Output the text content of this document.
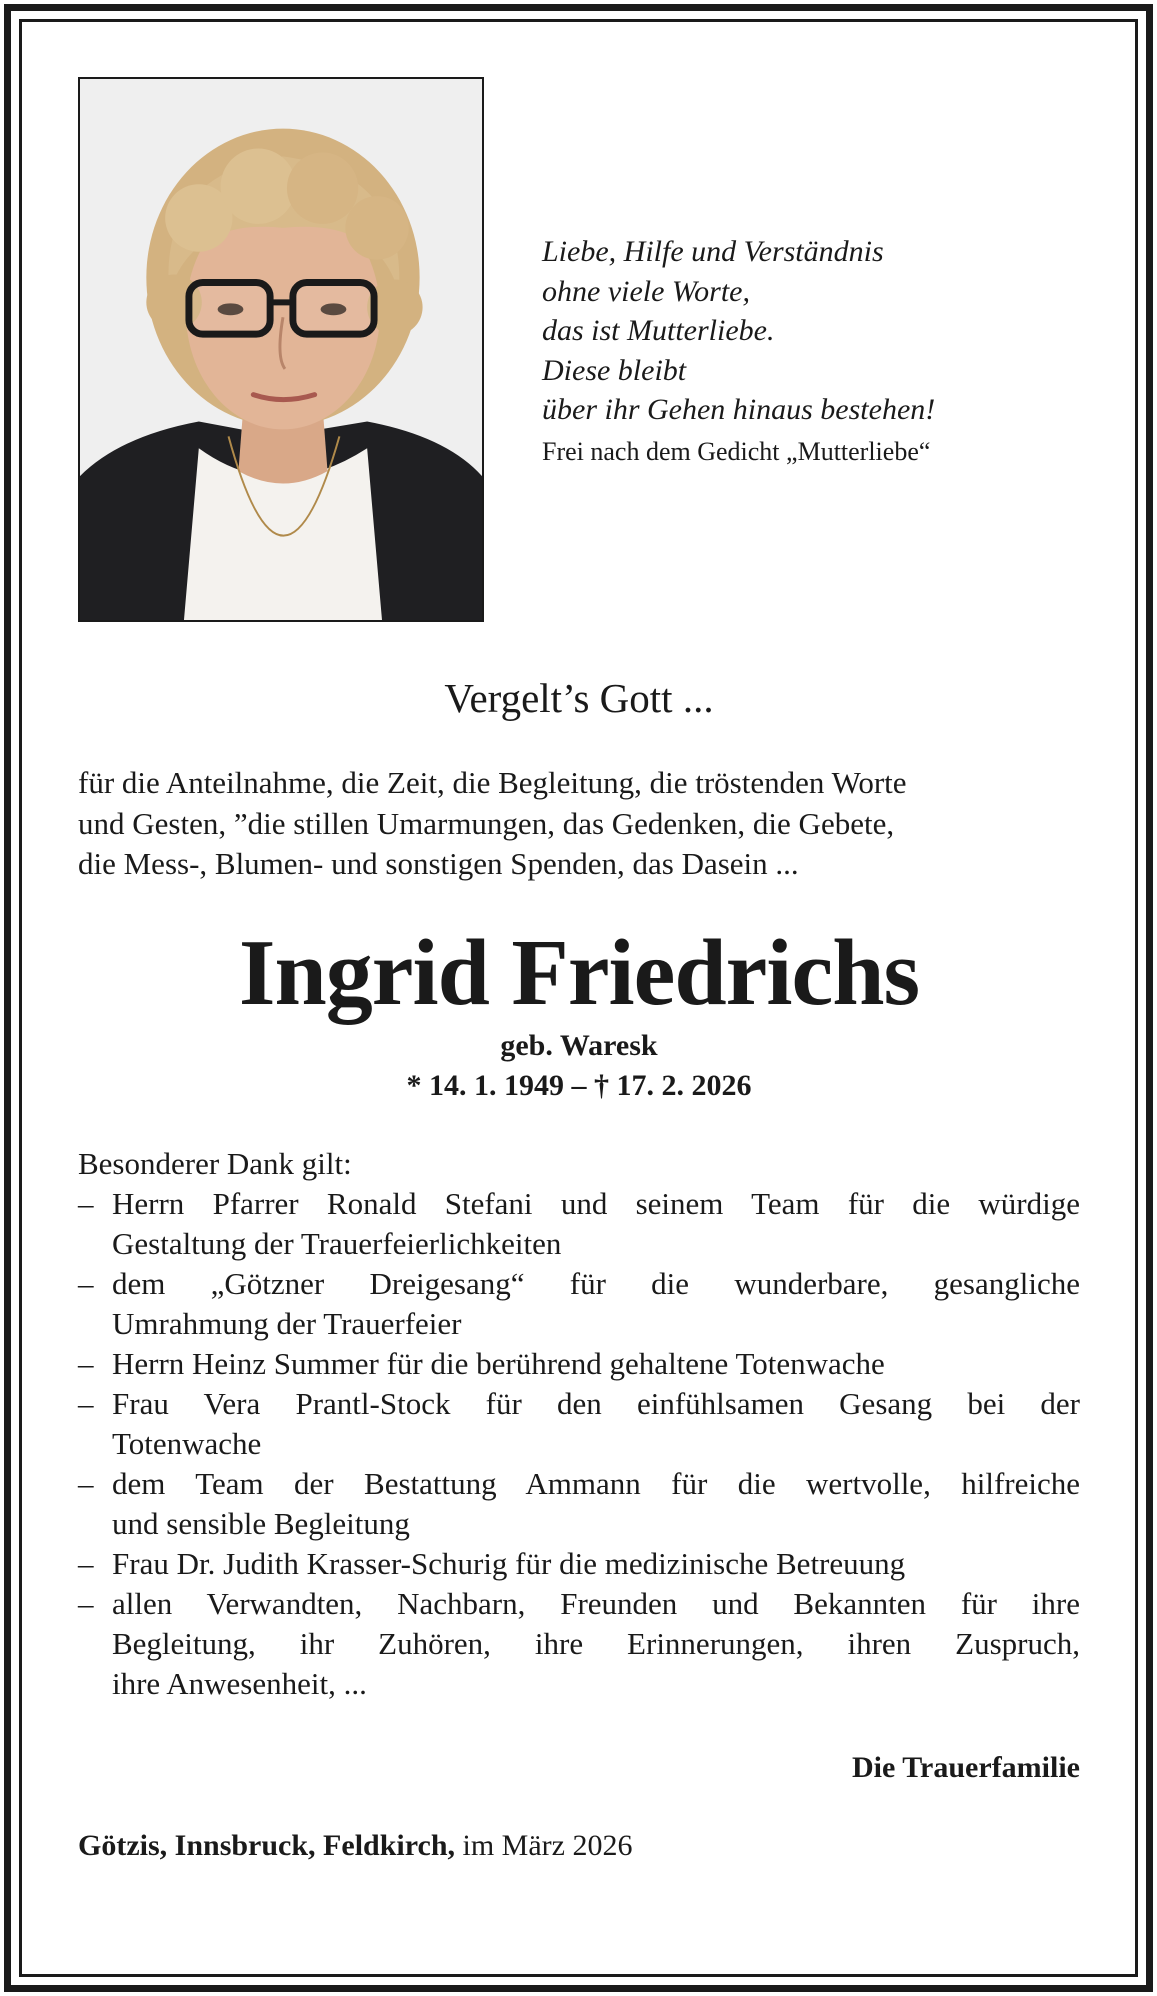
Liebe, Hilfe und Verständnis
ohne viele Worte,
das ist Mutterliebe.
Diese bleibt
über ihr Gehen hinaus bestehen!
Frei nach dem Gedicht „Mutterliebe“
Vergelt’s Gott ...
für die Anteilnahme, die Zeit, die Begleitung, die tröstenden Worte
und Gesten, ”die stillen Umarmungen, das Gedenken, die Gebete,
die Mess-, Blumen- und sonstigen Spenden, das Dasein ...
Ingrid Friedrichs
geb. Waresk
* 14. 1. 1949 – † 17. 2. 2026
Besonderer Dank gilt:
– Herrn Pfarrer Ronald Stefani und seinem Team für die würdige
Gestaltung der Trauerfeierlichkeiten
– dem „Götzner Dreigesang“ für die wunderbare, gesangliche
Umrahmung der Trauerfeier
– Herrn Heinz Summer für die berührend gehaltene Totenwache
– Frau Vera Prantl-Stock für den einfühlsamen Gesang bei der
Totenwache
– dem Team der Bestattung Ammann für die wertvolle, hilfreiche
und sensible Begleitung
– Frau Dr. Judith Krasser-Schurig für die medizinische Betreuung
– allen Verwandten, Nachbarn, Freunden und Bekannten für ihre
Begleitung, ihr Zuhören, ihre Erinnerungen, ihren Zuspruch,
ihre Anwesenheit, ...
Die Trauerfamilie
Götzis, Innsbruck, Feldkirch, im März 2026
